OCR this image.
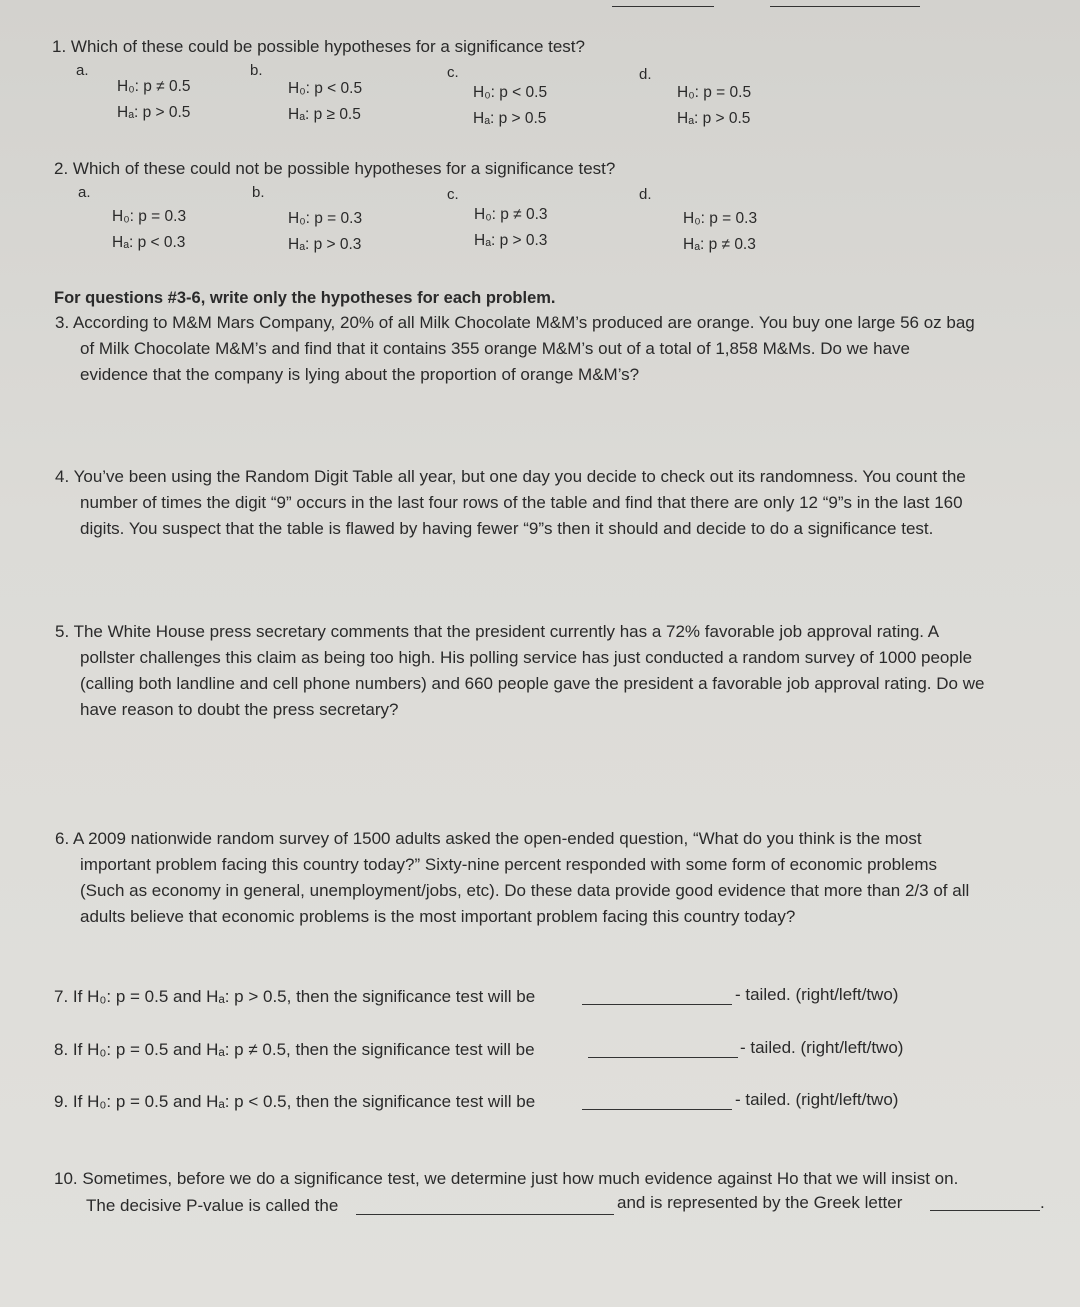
1. Which of these could be possible hypotheses for a significance test?
a.
H₀: p ≠ 0.5
Hₐ: p > 0.5
b.
H₀: p < 0.5
Hₐ: p ≥ 0.5
c.
H₀: p < 0.5
Hₐ: p > 0.5
d.
H₀: p = 0.5
Hₐ: p > 0.5
2. Which of these could not be possible hypotheses for a significance test?
a.
H₀: p = 0.3
Hₐ: p < 0.3
b.
H₀: p = 0.3
Hₐ: p > 0.3
c.
H₀: p ≠ 0.3
Hₐ: p > 0.3
d.
H₀: p = 0.3
Hₐ: p ≠ 0.3
For questions #3-6, write only the hypotheses for each problem.
3. According to M&M Mars Company, 20% of all Milk Chocolate M&M’s produced are orange. You buy one large 56 oz bag
of Milk Chocolate M&M’s and find that it contains 355 orange M&M’s out of a total of 1,858 M&Ms. Do we have
evidence that the company is lying about the proportion of orange M&M’s?
4. You’ve been using the Random Digit Table all year, but one day you decide to check out its randomness. You count the
number of times the digit “9” occurs in the last four rows of the table and find that there are only 12 “9”s in the last 160
digits. You suspect that the table is flawed by having fewer “9”s then it should and decide to do a significance test.
5. The White House press secretary comments that the president currently has a 72% favorable job approval rating. A
pollster challenges this claim as being too high. His polling service has just conducted a random survey of 1000 people
(calling both landline and cell phone numbers) and 660 people gave the president a favorable job approval rating. Do we
have reason to doubt the press secretary?
6. A 2009 nationwide random survey of 1500 adults asked the open-ended question, “What do you think is the most
important problem facing this country today?” Sixty-nine percent responded with some form of economic problems
(Such as economy in general, unemployment/jobs, etc). Do these data provide good evidence that more than 2/3 of all
adults believe that economic problems is the most important problem facing this country today?
7. If H₀: p = 0.5 and Hₐ: p > 0.5, then the significance test will be	- tailed. (right/left/two)
8. If H₀: p = 0.5 and Hₐ: p ≠ 0.5, then the significance test will be	- tailed. (right/left/two)
9. If H₀: p = 0.5 and Hₐ: p < 0.5, then the significance test will be	- tailed. (right/left/two)
10. Sometimes, before we do a significance test, we determine just how much evidence against Ho that we will insist on.
The decisive P-value is called the	and is represented by the Greek letter	.
